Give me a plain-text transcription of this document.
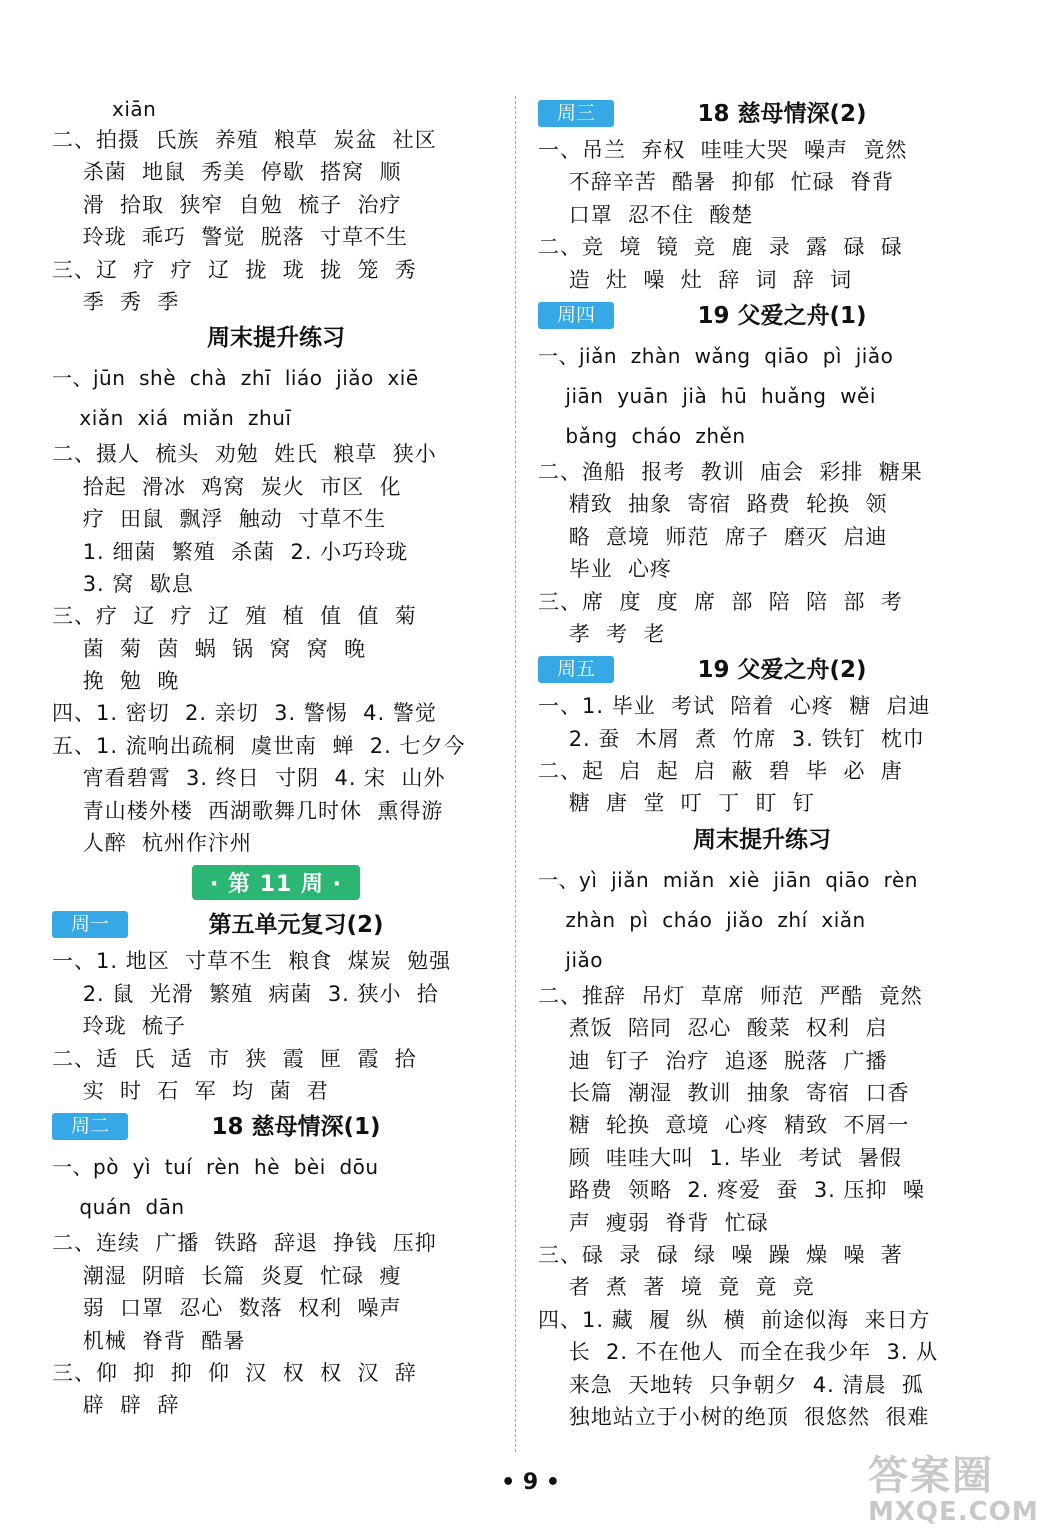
xiān
二、拍摄  氏族  养殖  粮草  炭盆  社区
杀菌  地鼠  秀美  停歇  搭窝  顺
滑  拾取  狭窄  自勉  梳子  治疗
玲珑  乖巧  警觉  脱落  寸草不生
三、辽  疗  疗  辽  拢  珑  拢  笼  秀
季  秀  季
周末提升练习
一、jūn  shè  chà  zhī  liáo  jiǎo  xiē
xiǎn  xiá  miǎn  zhuī
二、摄人  梳头  劝勉  姓氏  粮草  狭小
拾起  滑冰  鸡窝  炭火  市区  化
疗  田鼠  飘浮  触动  寸草不生
1. 细菌  繁殖  杀菌  2. 小巧玲珑
3. 窝  歇息
三、疗  辽  疗  辽  殖  植  值  值  菊
菌  菊  茵  蜗  锅  窝  窝  晚
挽  勉  晚
四、1. 密切  2. 亲切  3. 警惕  4. 警觉
五、1. 流响出疏桐  虞世南  蝉  2. 七夕今
宵看碧霄  3. 终日  寸阴  4. 宋  山外
青山楼外楼  西湖歌舞几时休  熏得游
人醉  杭州作汴州
· 第 11 周 ·
周一	第五单元复习(2)
一、1. 地区  寸草不生  粮食  煤炭  勉强
2. 鼠  光滑  繁殖  病菌  3. 狭小  拾
玲珑  梳子
二、适  氏  适  市  狭  霞  匣  霞  拾
实  时  石  军  均  菌  君
周二	18 慈母情深(1)
一、pò  yì  tuí  rèn  hè  bèi  dōu
quán  dān
二、连续  广播  铁路  辞退  挣钱  压抑
潮湿  阴暗  长篇  炎夏  忙碌  瘦
弱  口罩  忍心  数落  权利  噪声
机械  脊背  酷暑
三、仰  抑  抑  仰  汉  权  权  汉  辞
辟  辟  辞
周三	18 慈母情深(2)
一、吊兰  弃权  哇哇大哭  噪声  竟然
不辞辛苦  酷暑  抑郁  忙碌  脊背
口罩  忍不住  酸楚
二、竞  境  镜  竞  鹿  录  露  碌  碌
造  灶  噪  灶  辞  词  辞  词
周四	19 父爱之舟(1)
一、jiǎn  zhàn  wǎng  qiāo  pì  jiǎo
jiān  yuān  jià  hū  huǎng  wěi
bǎng  cháo  zhěn
二、渔船  报考  教训  庙会  彩排  糖果
精致  抽象  寄宿  路费  轮换  领
略  意境  师范  席子  磨灭  启迪
毕业  心疼
三、席  度  度  席  部  陪  陪  部  考
孝  考  老
周五	19 父爱之舟(2)
一、1. 毕业  考试  陪着  心疼  糖  启迪
2. 蚕  木屑  煮  竹席  3. 铁钉  枕巾
二、起  启  起  启  蔽  碧  毕  必  唐
糖  唐  堂  叮  丁  盯  钉
周末提升练习
一、yì  jiǎn  miǎn  xiè  jiān  qiāo  rèn
zhàn  pì  cháo  jiǎo  zhí  xiǎn
jiǎo
二、推辞  吊灯  草席  师范  严酷  竟然
煮饭  陪同  忍心  酸菜  权利  启
迪  钉子  治疗  追逐  脱落  广播
长篇  潮湿  教训  抽象  寄宿  口香
糖  轮换  意境  心疼  精致  不屑一
顾  哇哇大叫  1. 毕业  考试  暑假
路费  领略  2. 疼爱  蚕  3. 压抑  噪
声  瘦弱  脊背  忙碌
三、碌  录  碌  绿  噪  躁  燥  噪  著
者  煮  著  境  竟  竟  竞
四、1. 藏  履  纵  横  前途似海  来日方
长  2. 不在他人  而全在我少年  3. 从
来急  天地转  只争朝夕  4. 清晨  孤
独地站立于小树的绝顶  很悠然  很难
• 9 •	答案圈
MXQE.COM
